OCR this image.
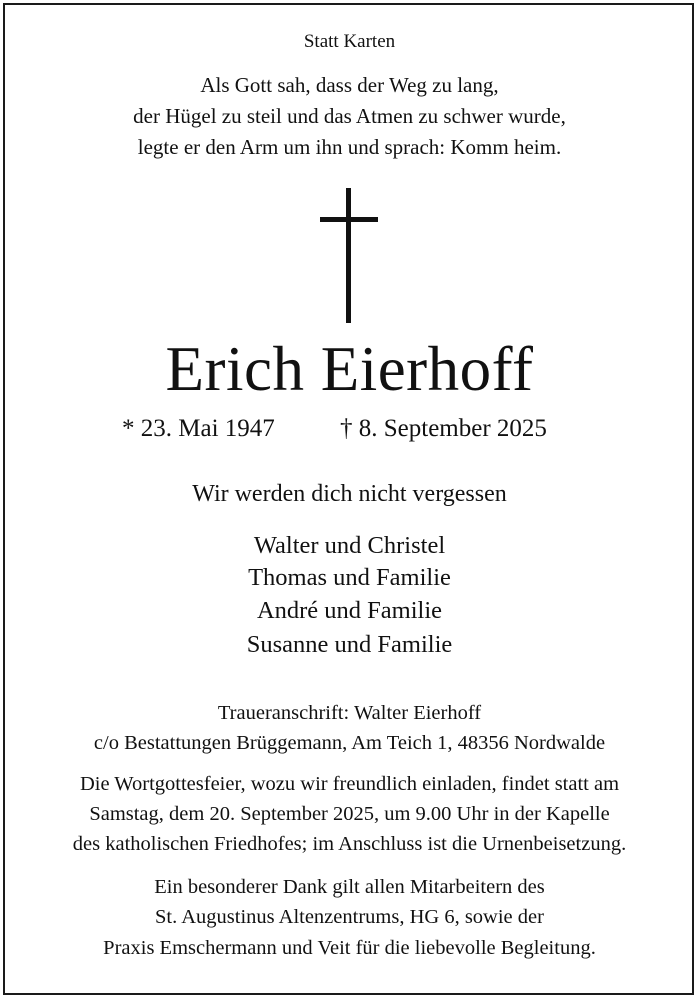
Statt Karten
Als Gott sah, dass der Weg zu lang,
der Hügel zu steil und das Atmen zu schwer wurde,
legte er den Arm um ihn und sprach: Komm heim.
Erich Eierhoff
* 23. Mai 1947	† 8. September 2025
Wir werden dich nicht vergessen
Walter und Christel
Thomas und Familie
André und Familie
Susanne und Familie
Traueranschrift: Walter Eierhoff
c/o Bestattungen Brüggemann, Am Teich 1, 48356 Nordwalde
Die Wortgottesfeier, wozu wir freundlich einladen, findet statt am
Samstag, dem 20. September 2025, um 9.00 Uhr in der Kapelle
des katholischen Friedhofes; im Anschluss ist die Urnenbeisetzung.
Ein besonderer Dank gilt allen Mitarbeitern des
St. Augustinus Altenzentrums, HG 6, sowie der
Praxis Emschermann und Veit für die liebevolle Begleitung.
